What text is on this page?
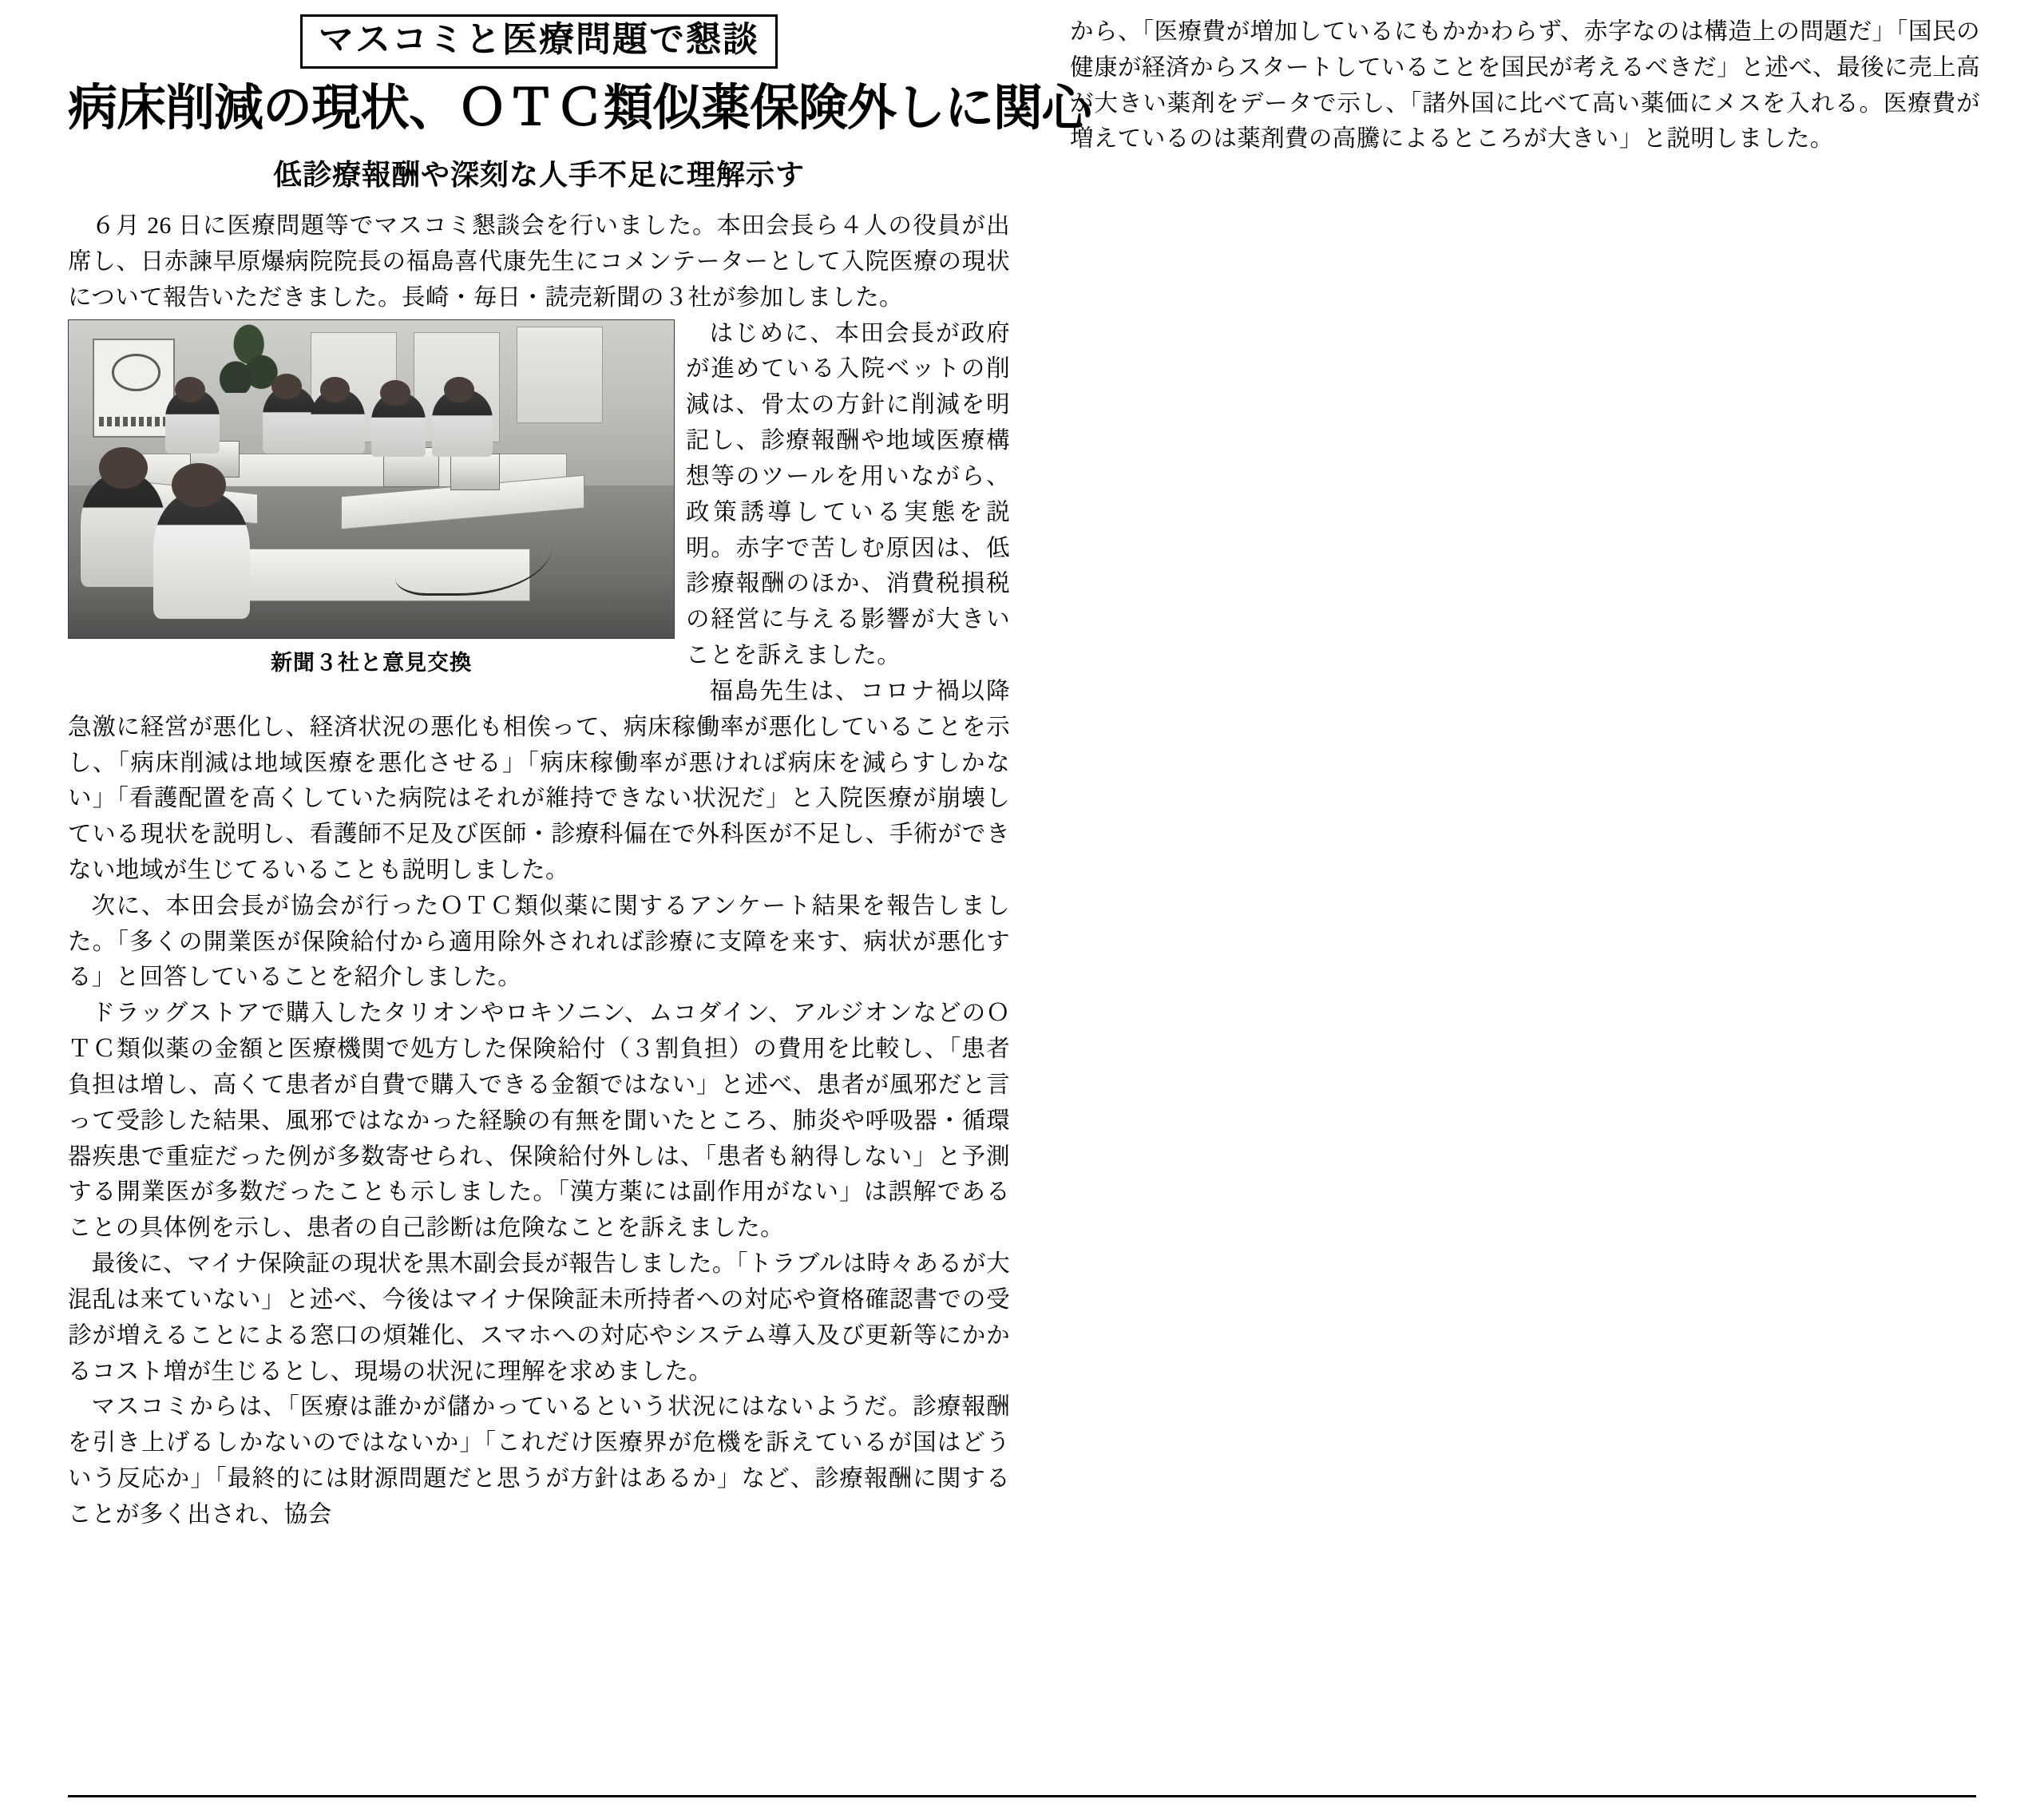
マスコミと医療問題で懇談
病床削減の現状、ＯＴＣ類似薬保険外しに関心
低診療報酬や深刻な人手不足に理解示す

６月 26 日に医療問題等でマスコミ懇談会を行いました。本田会長ら４人の役員が出席し、日赤諫早原爆病院院長の福島喜代康先生にコメンテーターとして入院医療の現状について報告いただきました。長崎・毎日・読売新聞の３社が参加しました。

新聞３社と意見交換

はじめに、本田会長が政府が進めている入院ベットの削減は、骨太の方針に削減を明記し、診療報酬や地域医療構想等のツールを用いながら、政策誘導している実態を説明。赤字で苦しむ原因は、低診療報酬のほか、消費税損税の経営に与える影響が大きいことを訴えました。

福島先生は、コロナ禍以降急激に経営が悪化し、経済状況の悪化も相俟って、病床稼働率が悪化していることを示し、「病床削減は地域医療を悪化させる」「病床稼働率が悪ければ病床を減らすしかない」「看護配置を高くしていた病院はそれが維持できない状況だ」と入院医療が崩壊している現状を説明し、看護師不足及び医師・診療科偏在で外科医が不足し、手術ができない地域が生じてるいることも説明しました。

次に、本田会長が協会が行ったＯＴＣ類似薬に関するアンケート結果を報告しました。「多くの開業医が保険給付から適用除外されれば診療に支障を来す、病状が悪化する」と回答していることを紹介しました。

ドラッグストアで購入したタリオンやロキソニン、ムコダイン、アルジオンなどのＯＴＣ類似薬の金額と医療機関で処方した保険給付（３割負担）の費用を比較し、「患者負担は増し、高くて患者が自費で購入できる金額ではない」と述べ、患者が風邪だと言って受診した結果、風邪ではなかった経験の有無を聞いたところ、肺炎や呼吸器・循環器疾患で重症だった例が多数寄せられ、保険給付外しは、「患者も納得しない」と予測する開業医が多数だったことも示しました。「漢方薬には副作用がない」は誤解であることの具体例を示し、患者の自己診断は危険なことを訴えました。

最後に、マイナ保険証の現状を黒木副会長が報告しました。「トラブルは時々あるが大混乱は来ていない」と述べ、今後はマイナ保険証未所持者への対応や資格確認書での受診が増えることによる窓口の煩雑化、スマホへの対応やシステム導入及び更新等にかかるコスト増が生じるとし、現場の状況に理解を求めました。

マスコミからは、「医療は誰かが儲かっているという状況にはないようだ。診療報酬を引き上げるしかないのではないか」「これだけ医療界が危機を訴えているが国はどういう反応か」「最終的には財源問題だと思うが方針はあるか」など、診療報酬に関することが多く出され、協会

から、「医療費が増加しているにもかかわらず、赤字なのは構造上の問題だ」「国民の健康が経済からスタートしていることを国民が考えるべきだ」と述べ、最後に売上高が大きい薬剤をデータで示し、「諸外国に比べて高い薬価にメスを入れる。医療費が増えているのは薬剤費の高騰によるところが大きい」と説明しました。
